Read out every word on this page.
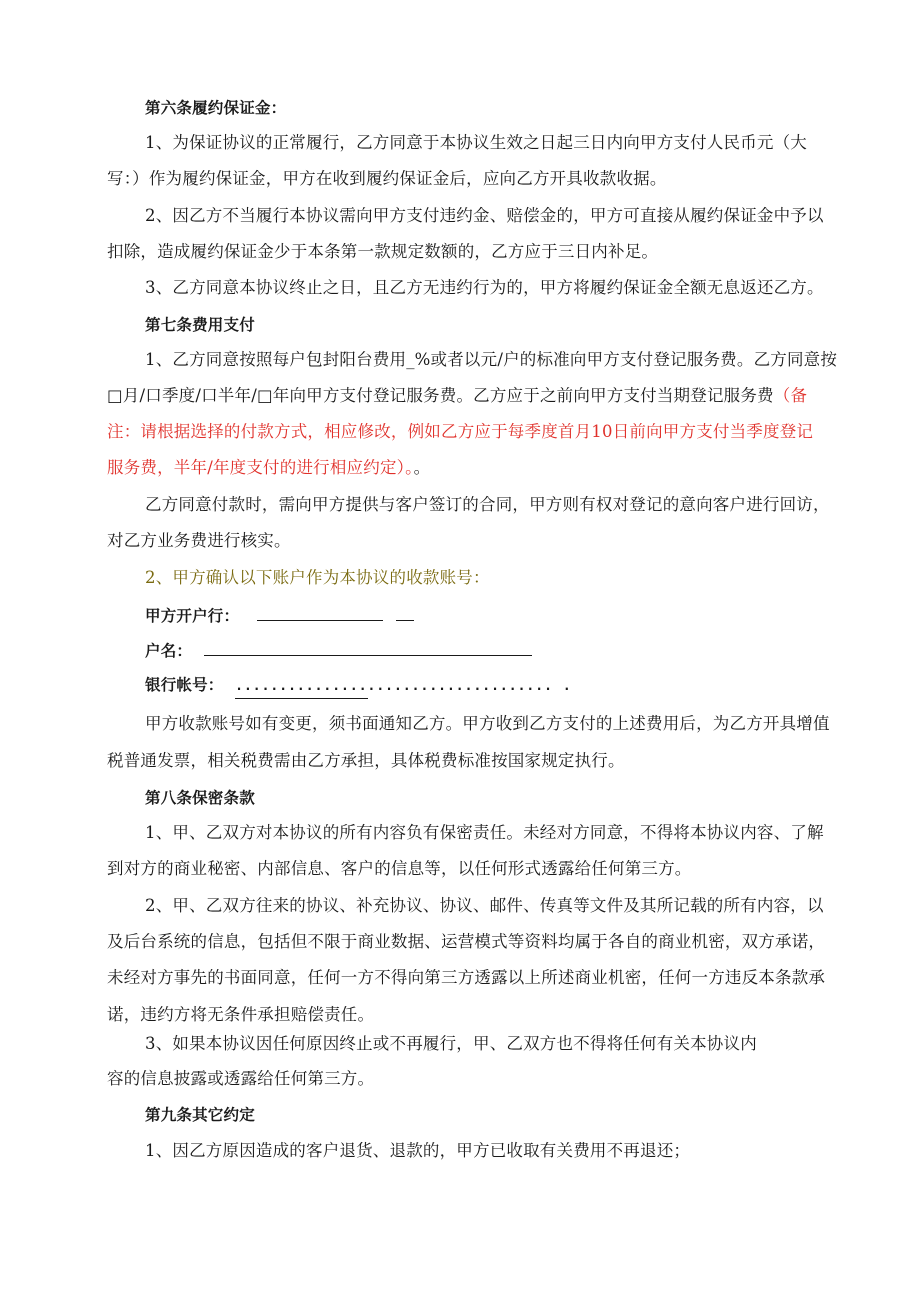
第六条履约保证金：
1、为保证协议的正常履行，乙方同意于本协议生效之日起三日内向甲方支付人民币元（大
写：）作为履约保证金，甲方在收到履约保证金后，应向乙方开具收款收据。
2、因乙方不当履行本协议需向甲方支付违约金、赔偿金的，甲方可直接从履约保证金中予以
扣除，造成履约保证金少于本条第一款规定数额的，乙方应于三日内补足。
3、乙方同意本协议终止之日，且乙方无违约行为的，甲方将履约保证金全额无息返还乙方。
第七条费用支付
1、乙方同意按照每户包封阳台费用_%或者以元/户的标准向甲方支付登记服务费。乙方同意按
□月/口季度/口半年/□年向甲方支付登记服务费。乙方应于之前向甲方支付当期登记服务费（备
注：请根据选择的付款方式，相应修改，例如乙方应于每季度首月10日前向甲方支付当季度登记
服务费，半年/年度支付的进行相应约定）。。
乙方同意付款时，需向甲方提供与客户签订的合同，甲方则有权对登记的意向客户进行回访，
对乙方业务费进行核实。
2、甲方确认以下账户作为本协议的收款账号：
甲方开户行：
户名：
银行帐号： .................................... .
甲方收款账号如有变更，须书面通知乙方。甲方收到乙方支付的上述费用后，为乙方开具增值
税普通发票，相关税费需由乙方承担，具体税费标准按国家规定执行。
第八条保密条款
1、甲、乙双方对本协议的所有内容负有保密责任。未经对方同意，不得将本协议内容、了解
到对方的商业秘密、内部信息、客户的信息等，以任何形式透露给任何第三方。
2、甲、乙双方往来的协议、补充协议、协议、邮件、传真等文件及其所记载的所有内容，以
及后台系统的信息，包括但不限于商业数据、运营模式等资料均属于各自的商业机密，双方承诺，
未经对方事先的书面同意，任何一方不得向第三方透露以上所述商业机密，任何一方违反本条款承
诺，违约方将无条件承担赔偿责任。
3、如果本协议因任何原因终止或不再履行，甲、乙双方也不得将任何有关本协议内
容的信息披露或透露给任何第三方。
第九条其它约定
1、因乙方原因造成的客户退货、退款的，甲方已收取有关费用不再退还；
